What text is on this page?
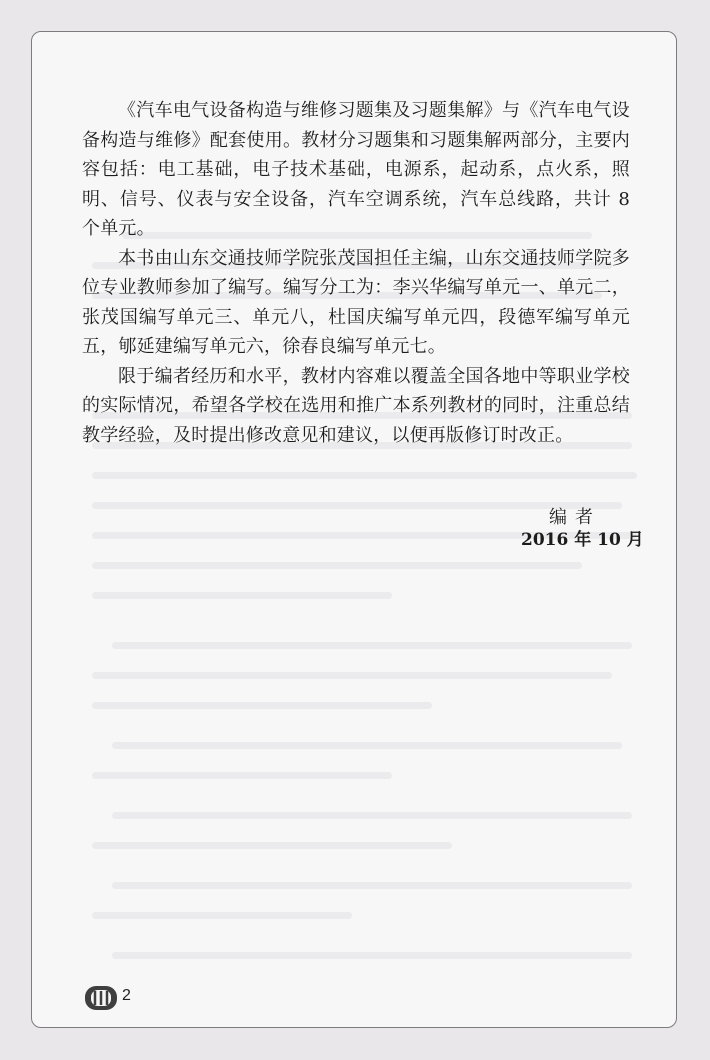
《汽车电气设备构造与维修习题集及习题集解》与《汽车电气设备构造与维修》配套使用。教材分习题集和习题集解两部分，主要内容包括：电工基础，电子技术基础，电源系，起动系，点火系，照明、信号、仪表与安全设备，汽车空调系统，汽车总线路，共计 8 个单元。

本书由山东交通技师学院张茂国担任主编，山东交通技师学院多位专业教师参加了编写。编写分工为：李兴华编写单元一、单元二，张茂国编写单元三、单元八，杜国庆编写单元四，段德军编写单元五，郇延建编写单元六，徐春良编写单元七。

限于编者经历和水平，教材内容难以覆盖全国各地中等职业学校的实际情况，希望各学校在选用和推广本系列教材的同时，注重总结教学经验，及时提出修改意见和建议，以便再版修订时改正。

编者
2016 年 10 月
2
